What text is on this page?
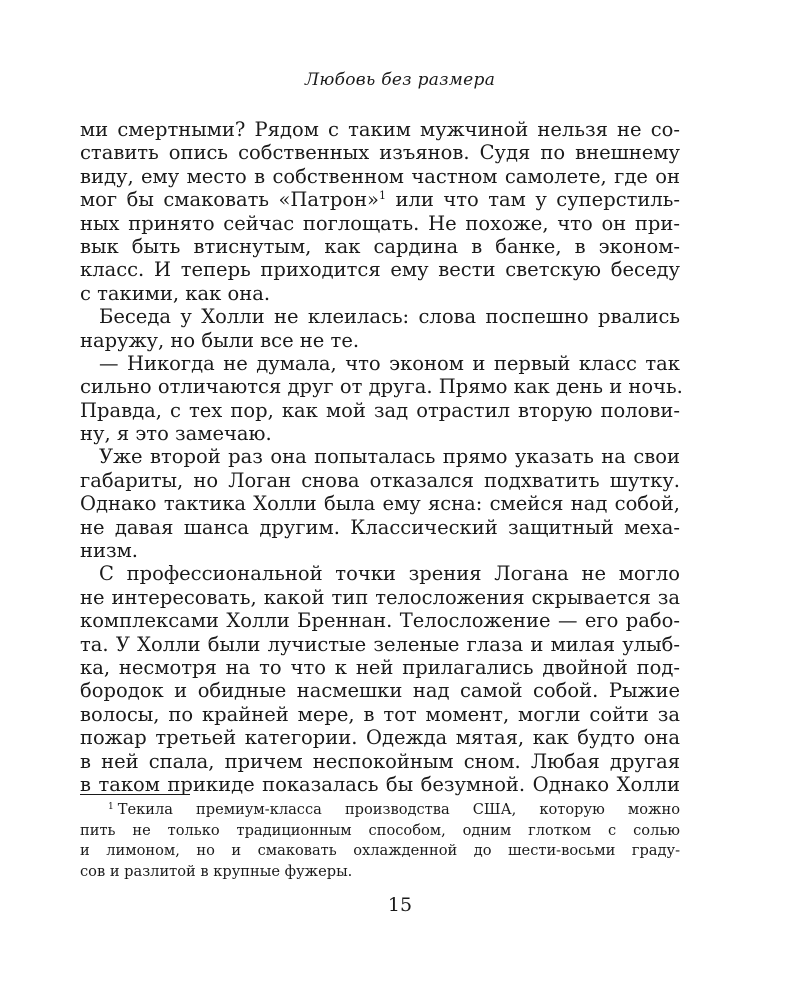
Любовь без размера
ми смертными? Рядом с таким мужчиной нельзя не со-
ставить опись собственных изъянов. Судя по внешнему
виду, ему место в собственном частном самолете, где он
мог бы смаковать «Патрон»$^1$ или что там у суперстиль-
ных принято сейчас поглощать. Не похоже, что он при-
вык быть втиснутым, как сардина в банке, в эконом-
класс. И теперь приходится ему вести светскую беседу
с такими, как она.
Беседа у Холли не клеилась: слова поспешно рвались
наружу, но были все не те.
— Никогда не думала, что эконом и первый класс так
сильно отличаются друг от друга. Прямо как день и ночь.
Правда, с тех пор, как мой зад отрастил вторую полови-
ну, я это замечаю.
Уже второй раз она попыталась прямо указать на свои
габариты, но Логан снова отказался подхватить шутку.
Однако тактика Холли была ему ясна: смейся над собой,
не давая шанса другим. Классический защитный меха-
низм.
С профессиональной точки зрения Логана не могло
не интересовать, какой тип телосложения скрывается за
комплексами Холли Бреннан. Телосложение — его рабо-
та. У Холли были лучистые зеленые глаза и милая улыб-
ка, несмотря на то что к ней прилагались двойной под-
бородок и обидные насмешки над самой собой. Рыжие
волосы, по крайней мере, в тот момент, могли сойти за
пожар третьей категории. Одежда мятая, как будто она
в ней спала, причем неспокойным сном. Любая другая
в таком прикиде показалась бы безумной. Однако Холли
$^1$ Текила премиум-класса производства США, которую можно
пить не только традиционным способом, одним глотком с солью
и лимоном, но и смаковать охлажденной до шести-восьми граду-
сов и разлитой в крупные фужеры.
15
